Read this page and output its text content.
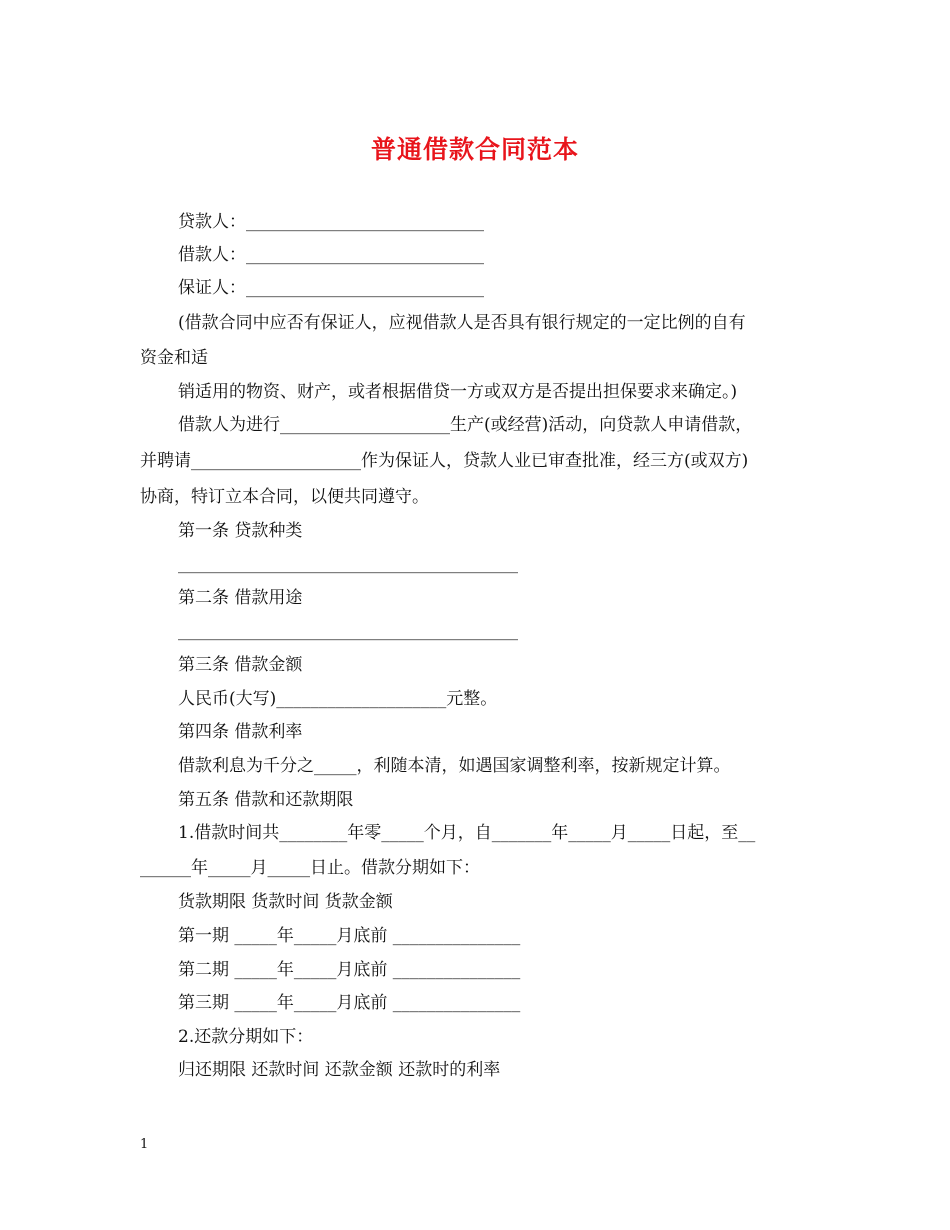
普通借款合同范本
贷款人：____________________________
借款人：____________________________
保证人：____________________________
(借款合同中应否有保证人，应视借款人是否具有银行规定的一定比例的自有
资金和适
销适用的物资、财产，或者根据借贷一方或双方是否提出担保要求来确定。)
借款人为进行____________________生产(或经营)活动，向贷款人申请借款，
并聘请____________________作为保证人，贷款人业已审查批准，经三方(或双方)
协商，特订立本合同，以便共同遵守。
第一条 贷款种类
________________________________________
第二条 借款用途
________________________________________
第三条 借款金额
人民币(大写)____________________元整。
第四条 借款利率
借款利息为千分之_____，利随本清，如遇国家调整利率，按新规定计算。
第五条 借款和还款期限
1.借款时间共________年零_____个月，自_______年_____月_____日起，至__
______年_____月_____日止。借款分期如下：
货款期限 货款时间 货款金额
第一期 _____年_____月底前 _______________
第二期 _____年_____月底前 _______________
第三期 _____年_____月底前 _______________
2.还款分期如下：
归还期限 还款时间 还款金额 还款时的利率
1
